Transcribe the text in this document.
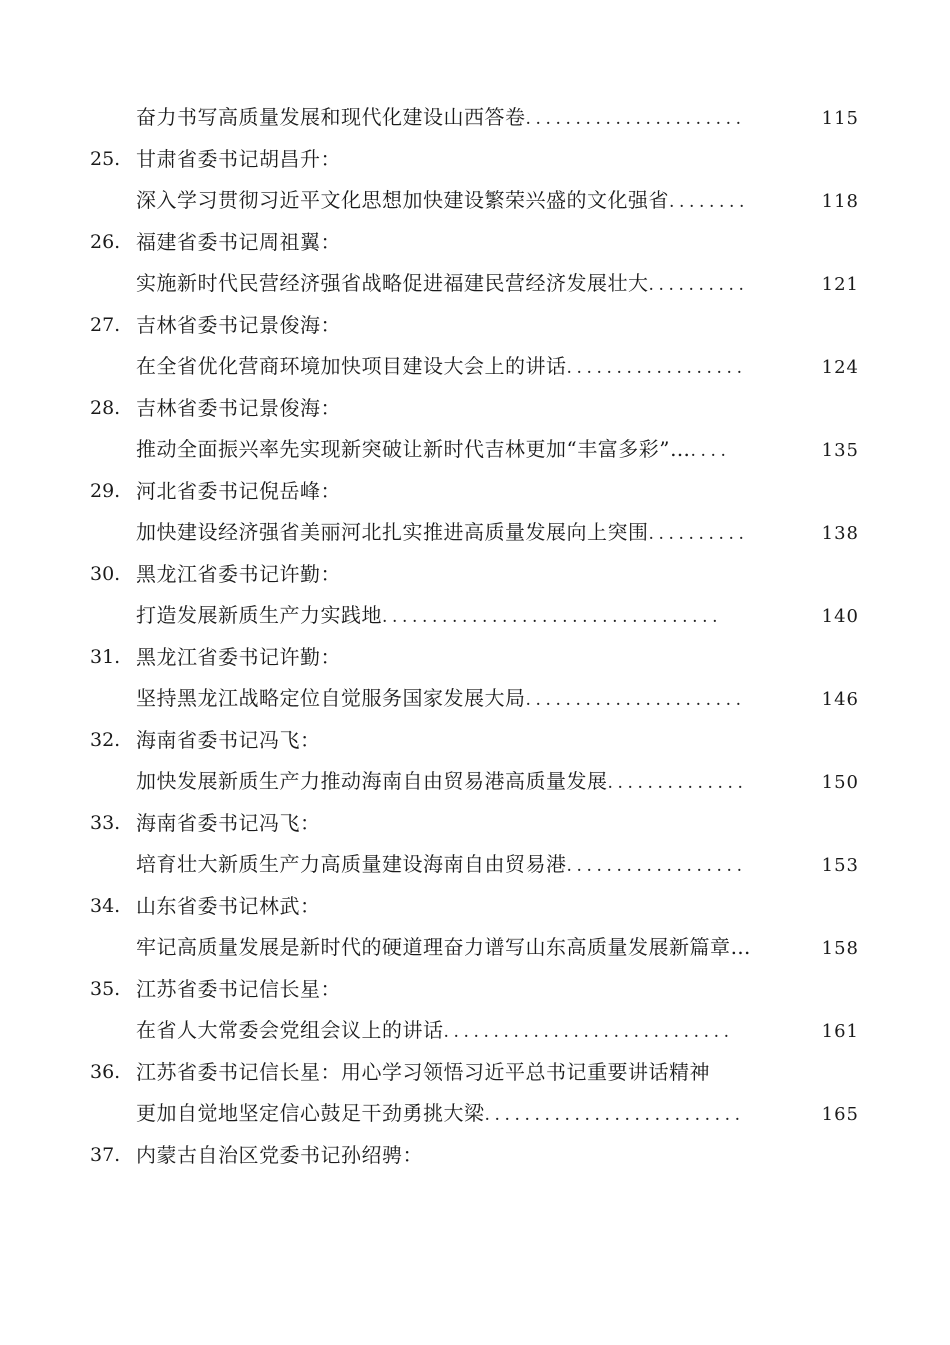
奋力书写高质量发展和现代化建设山西答卷 ......................	115
25. 甘肃省委书记胡昌升：
深入学习贯彻习近平文化思想加快建设繁荣兴盛的文化强省 ........	118
26. 福建省委书记周祖翼：
实施新时代民营经济强省战略促进福建民营经济发展壮大 ..........	121
27. 吉林省委书记景俊海：
在全省优化营商环境加快项目建设大会上的讲话 ..................	124
28. 吉林省委书记景俊海：
推动全面振兴率先实现新突破让新时代吉林更加“丰富多彩”… ....	135
29. 河北省委书记倪岳峰：
加快建设经济强省美丽河北扎实推进高质量发展向上突围 ..........	138
30. 黑龙江省委书记许勤：
打造发展新质生产力实践地 ..................................	140
31. 黑龙江省委书记许勤：
坚持黑龙江战略定位自觉服务国家发展大局 ......................	146
32. 海南省委书记冯飞：
加快发展新质生产力推动海南自由贸易港高质量发展 ..............	150
33. 海南省委书记冯飞：
培育壮大新质生产力高质量建设海南自由贸易港 ..................	153
34. 山东省委书记林武：
牢记高质量发展是新时代的硬道理奋力谱写山东高质量发展新篇章…	158
35. 江苏省委书记信长星：
在省人大常委会党组会议上的讲话 .............................	161
36. 江苏省委书记信长星：用心学习领悟习近平总书记重要讲话精神
更加自觉地坚定信心鼓足干劲勇挑大梁 ..........................	165
37. 内蒙古自治区党委书记孙绍骋：
